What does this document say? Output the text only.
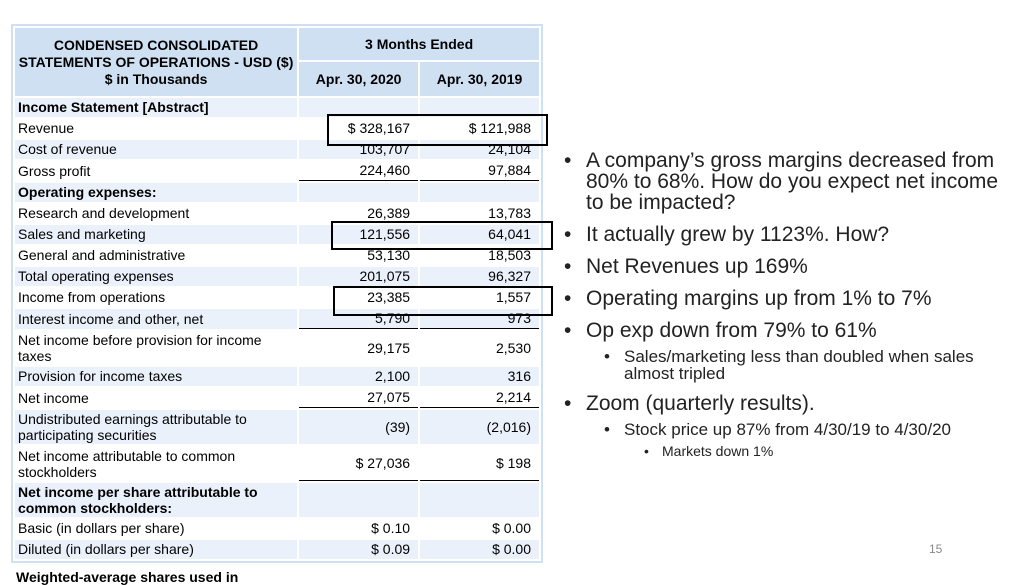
CONDENSED CONSOLIDATED STATEMENTS OF OPERATIONS - USD ($) $ in Thousands	3 Months Ended	
	Apr. 30, 2020	Apr. 30, 2019
Income Statement [Abstract]		
Revenue	$ 328,167	$ 121,988
Cost of revenue	103,707	24,104
Gross profit	224,460	97,884
Operating expenses:		
Research and development	26,389	13,783
Sales and marketing	121,556	64,041
General and administrative	53,130	18,503
Total operating expenses	201,075	96,327
Income from operations	23,385	1,557
Interest income and other, net	5,790	973
Net income before provision for income taxes	29,175	2,530
Provision for income taxes	2,100	316
Net income	27,075	2,214
Undistributed earnings attributable to participating securities	(39)	(2,016)
Net income attributable to common stockholders	$ 27,036	$ 198
Net income per share attributable to common stockholders:		
Basic (in dollars per share)	$ 0.10	$ 0.00
Diluted (in dollars per share)	$ 0.09	$ 0.00
Weighted-average shares used in
• A company’s gross margins decreased from 80% to 68%. How do you expect net income to be impacted?
• It actually grew by 1123%. How?
• Net Revenues up 169%
• Operating margins up from 1% to 7%
• Op exp down from 79% to 61%
• Sales/marketing less than doubled when sales almost tripled
• Zoom (quarterly results).
• Stock price up 87% from 4/30/19 to 4/30/20
• Markets down 1%
15
